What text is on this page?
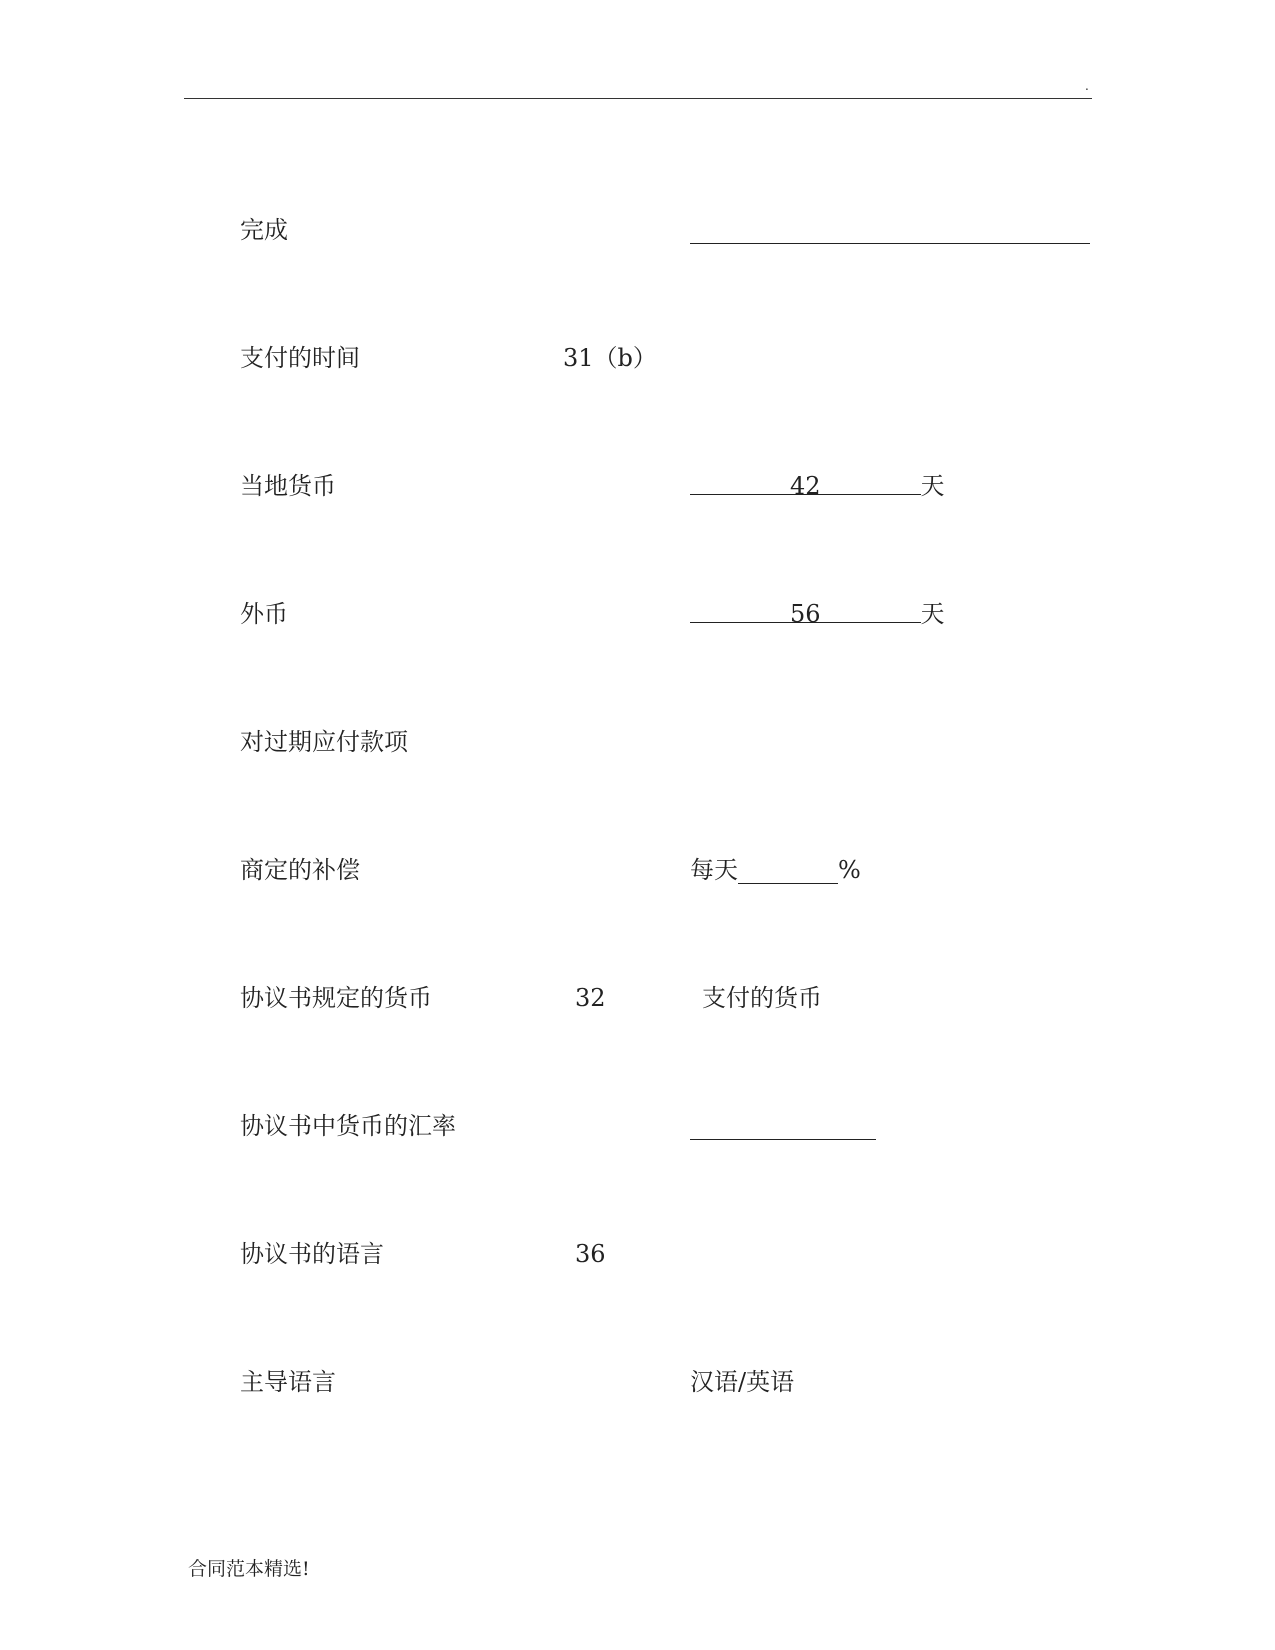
.
完成
支付的时间	31（b）
当地货币	42	天
外币	56	天
对过期应付款项
商定的补偿	每天	%
协议书规定的货币	32	支付的货币
协议书中货币的汇率
协议书的语言	36
主导语言	汉语/英语
合同范本精选!
